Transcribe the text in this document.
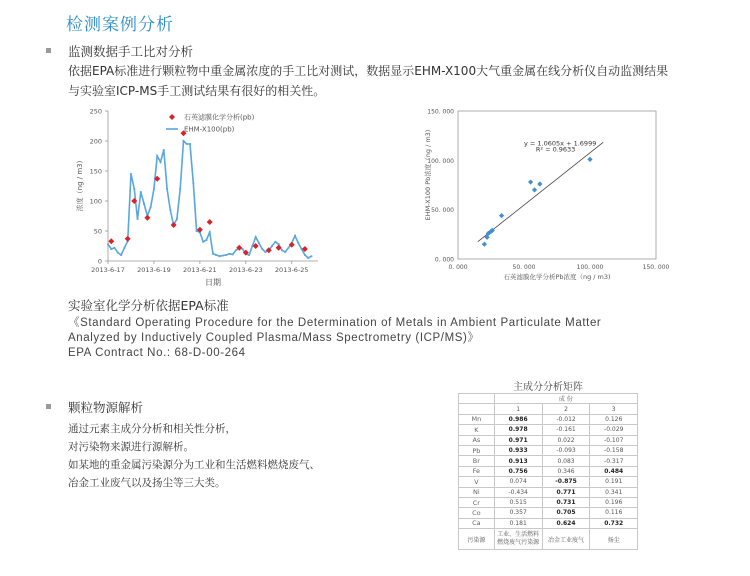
检测案例分析
监测数据手工比对分析
依据EPA标准进行颗粒物中重金属浓度的手工比对测试，数据显示EHM-X100大气重金属在线分析仪自动监测结果
与实验室ICP-MS手工测试结果有很好的相关性。
0
50
100
150
200
250
2013-6-17 2013-6-19 2013-6-21 2013-6-23 2013-6-25
浓度（ng / m3)
日期
石英滤膜化学分析(pb)
EHM-X100(pb)
0. 000
50. 000
100. 000
150. 000
0. 000	50. 000	100. 000	150. 000
EHM-X100 Pb浓度（ng / m3)
石英滤膜化学分析Pb浓度（ng / m3)
y = 1.0605x + 1.6999
R² = 0.9633
实验室化学分析依据EPA标准
《Standard Operating Procedure for the Determination of Metals in Ambient Particulate Matter
Analyzed by Inductively Coupled Plasma/Mass Spectrometry (ICP/MS)》
EPA Contract No.: 68-D-00-264
颗粒物源解析
通过元素主成分分析和相关性分析，
对污染物来源进行源解析。
如某地的重金属污染源分为工业和生活燃料燃烧废气、
冶金工业废气以及扬尘等三大类。
主成分分析矩阵
	成 份		
	1	2	3
Mn	0.986	-0.012	0.126
K	0.978	-0.161	-0.029
As	0.971	0.022	-0.107
Pb	0.933	-0.093	-0.158
Br	0.913	0.083	-0.317
Fe	0.756	0.346	0.484
V	0.074	-0.875	0.191
Ni	-0.434	0.771	0.341
Cr	0.515	0.731	0.196
Co	0.357	0.705	0.116
Ca	0.181	0.624	0.732
污染源	工业、生活燃料
燃烧废气污染源	冶金工业废气	扬尘
